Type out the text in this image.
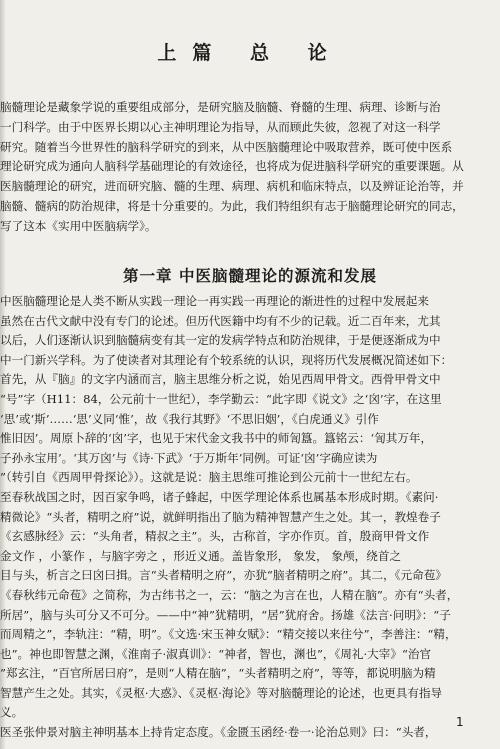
上篇 总 论

脑髓理论是藏象学说的重要组成部分，是研究脑及脑髓、脊髓的生理、病理、诊断与治

一门科学。由于中医界长期以心主神明理论为指导，从而顾此失彼，忽视了对这一科学

研究。随着当今世界性的脑科学研究的到来，从中医脑髓理论中吸取营养，既可使中医系

理论研究成为通向人脑科学基础理论的有效途径，也将成为促进脑科学研究的重要课题。从

医脑髓理论的研究，进而研究脑、髓的生理、病理、病机和临床特点，以及辨证论治等，并

脑髓、髓病的防治规律，将是十分重要的。为此，我们特组织有志于脑髓理论研究的同志，

写了这本《实用中医脑病学》。

第一章 中医脑髓理论的源流和发展

中医脑髓理论是人类不断从实践一理论一再实践一再理论的渐进性的过程中发展起来

虽然在古代文献中没有专门的论述。但历代医籍中均有不少的记载。近二百年来，尤其

以后，人们逐渐认识到脑髓病变有其一定的发病学特点和防治规律，于是便逐渐成为中

中一门新兴学科。为了使读者对其理论有个较系统的认识，现将历代发展概况简述如下：

首先，从『脑』的文字内涵而言，脑主思维分析之说，始见西周甲骨文。西骨甲骨文中

“号”字（H11：84，公元前十一世纪），李学勤云：“此字即《说文》之‘囟’字，在这里

‘思’或‘斯’……‘思’义同‘惟’，故《我行其野》‘不思旧姻’，《白虎通义》引作

惟旧因’。周原卜辞的‘囟’字，也见于宋代金文我书中的师訇簋。簋铭云：‘訇其万年，

子孙永宝用’。‘其万囟’与《诗·下武》‘于万斯年’同例。可证‘囟’字确应读为

”（转引自《西周甲骨探论》）。这就是说：脑主思维可推论到公元前十一世纪左右。

至春秋战国之时，因百家争鸣，诸子蜂起，中医学理论体系也属基本形成时期。《素问·

精微论》“头者，精明之府”说，就鲜明指出了脑为精神智慧产生之处。其一，教煌卷子

《玄感脉经》云：“头角者，精叔之主”。头，古称首，字亦作页。首，殷商甲骨文作

金文作 ，小篆作 ，与脑字旁之 ，形近义通。盖皆象形， 象发， 象颅，绕首之

目与头，析言之曰囟曰揖。言“头者精明之府”，亦犹“脑者精明之府”。其二，《元命苞》

《春秋纬元命苞》之简称，为古纬书之一，云：“脑之为言在也，人精在脑”。亦有“头者，

所居”，脑与头可分又不可分。——中“神”犹精明，“居”犹府舍。扬雄《法言·问明》：“子

而周精之”，李轨注：“精，明”。《文选·宋玉神女赋》：“精交接以来往兮”，李善注：“精，

也”。神也即智慧之渊，《淮南子·淑真训》：“神者，智也，渊也”，《周礼·大宰》“治官

”郑玄注，“百官所居曰府”，是则“人精在脑”，“头者精明之府”，等等，都说明脑为精

智慧产生之处。其实，《灵枢·大惑》、《灵枢·海论》等对脑髓理论的论述，也更具有指导

义。

医圣张仲景对脑主神明基本上持肯定态度。《金匮玉函经·卷一·论治总则》曰：“头者，

1
